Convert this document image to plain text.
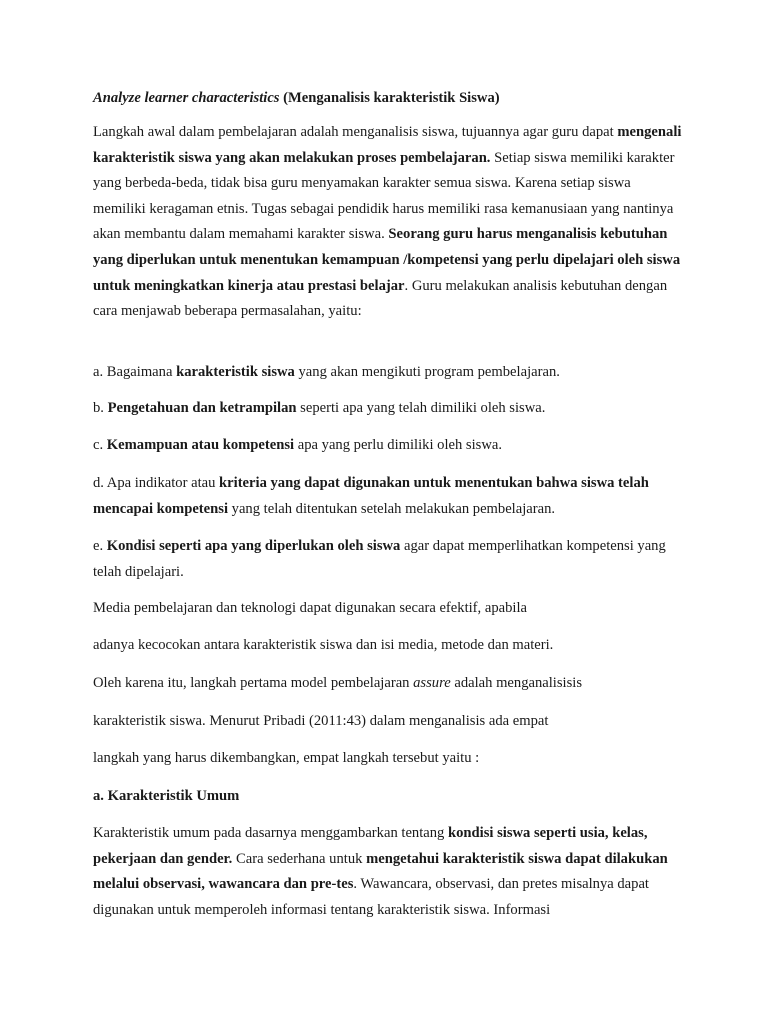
Analyze learner characteristics (Menganalisis karakteristik Siswa)

Langkah awal dalam pembelajaran adalah menganalisis siswa, tujuannya agar guru dapat mengenali karakteristik siswa yang akan melakukan proses pembelajaran. Setiap siswa memiliki karakter yang berbeda-beda, tidak bisa guru menyamakan karakter semua siswa. Karena setiap siswa memiliki keragaman etnis. Tugas sebagai pendidik harus memiliki rasa kemanusiaan yang nantinya akan membantu dalam memahami karakter siswa. Seorang guru harus menganalisis kebutuhan yang diperlukan untuk menentukan kemampuan /kompetensi yang perlu dipelajari oleh siswa untuk meningkatkan kinerja atau prestasi belajar. Guru melakukan analisis kebutuhan dengan cara menjawab beberapa permasalahan, yaitu:

a. Bagaimana karakteristik siswa yang akan mengikuti program pembelajaran.

b. Pengetahuan dan ketrampilan seperti apa yang telah dimiliki oleh siswa.

c. Kemampuan atau kompetensi apa yang perlu dimiliki oleh siswa.

d. Apa indikator atau kriteria yang dapat digunakan untuk menentukan bahwa siswa telah mencapai kompetensi yang telah ditentukan setelah melakukan pembelajaran.

e. Kondisi seperti apa yang diperlukan oleh siswa agar dapat memperlihatkan kompetensi yang telah dipelajari.

Media pembelajaran dan teknologi dapat digunakan secara efektif, apabila

adanya kecocokan antara karakteristik siswa dan isi media, metode dan materi.

Oleh karena itu, langkah pertama model pembelajaran assure adalah menganalisisis

karakteristik siswa. Menurut Pribadi (2011:43) dalam menganalisis ada empat

langkah yang harus dikembangkan, empat langkah tersebut yaitu :

a. Karakteristik Umum

Karakteristik umum pada dasarnya menggambarkan tentang kondisi siswa seperti usia, kelas, pekerjaan dan gender. Cara sederhana untuk mengetahui karakteristik siswa dapat dilakukan melalui observasi, wawancara dan pre-tes. Wawancara, observasi, dan pretes misalnya dapat digunakan untuk memperoleh informasi tentang karakteristik siswa. Informasi
